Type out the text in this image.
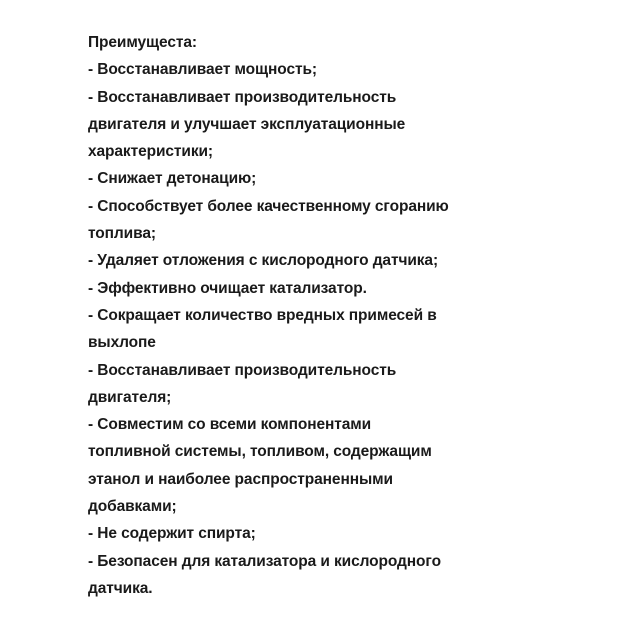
Преимущеста:
- Восстанавливает мощность;
- Восстанавливает производительность
двигателя и улучшает эксплуатационные
характеристики;
- Снижает детонацию;
- Способствует более качественному сгоранию
топлива;
- Удаляет отложения с кислородного датчика;
- Эффективно очищает катализатор.
- Сокращает количество вредных примесей в
выхлопе
- Восстанавливает производительность
двигателя;
- Совместим со всеми компонентами
топливной системы, топливом, содержащим
этанол и наиболее распространенными
добавками;
- Не содержит спирта;
- Безопасен для катализатора и кислородного
датчика.
